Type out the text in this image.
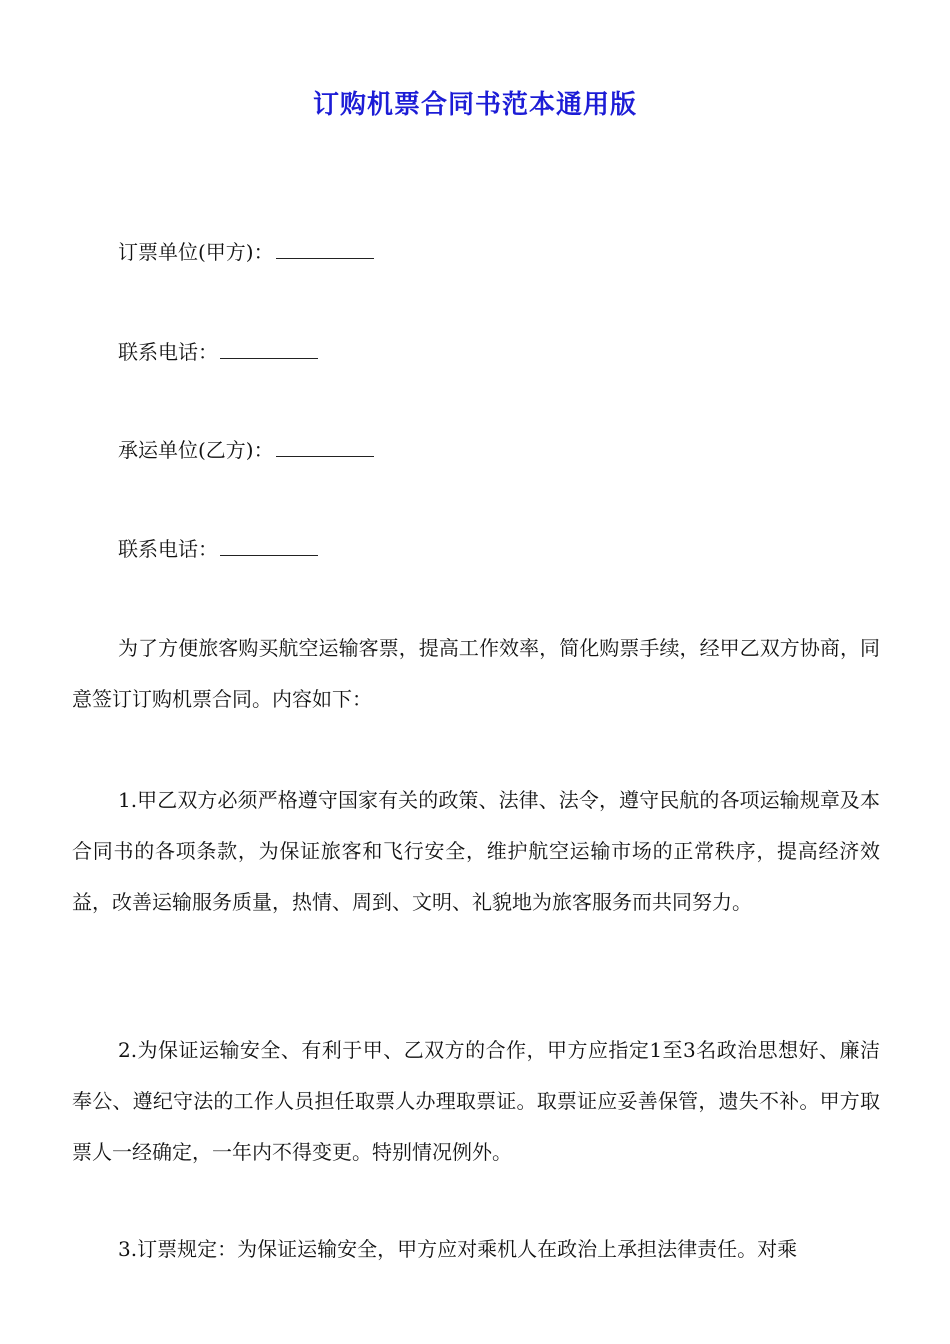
订购机票合同书范本通用版
订票单位(甲方)：
联系电话：
承运单位(乙方)：
联系电话：

为了方便旅客购买航空运输客票，提高工作效率，简化购票手续，经甲乙双方协商，同意签订订购机票合同。内容如下：

1.甲乙双方必须严格遵守国家有关的政策、法律、法令，遵守民航的各项运输规章及本合同书的各项条款，为保证旅客和飞行安全，维护航空运输市场的正常秩序，提高经济效益，改善运输服务质量，热情、周到、文明、礼貌地为旅客服务而共同努力。

2.为保证运输安全、有利于甲、乙双方的合作，甲方应指定1至3名政治思想好、廉洁奉公、遵纪守法的工作人员担任取票人办理取票证。取票证应妥善保管，遗失不补。甲方取票人一经确定，一年内不得变更。特别情况例外。

3.订票规定：为保证运输安全，甲方应对乘机人在政治上承担法律责任。对乘
